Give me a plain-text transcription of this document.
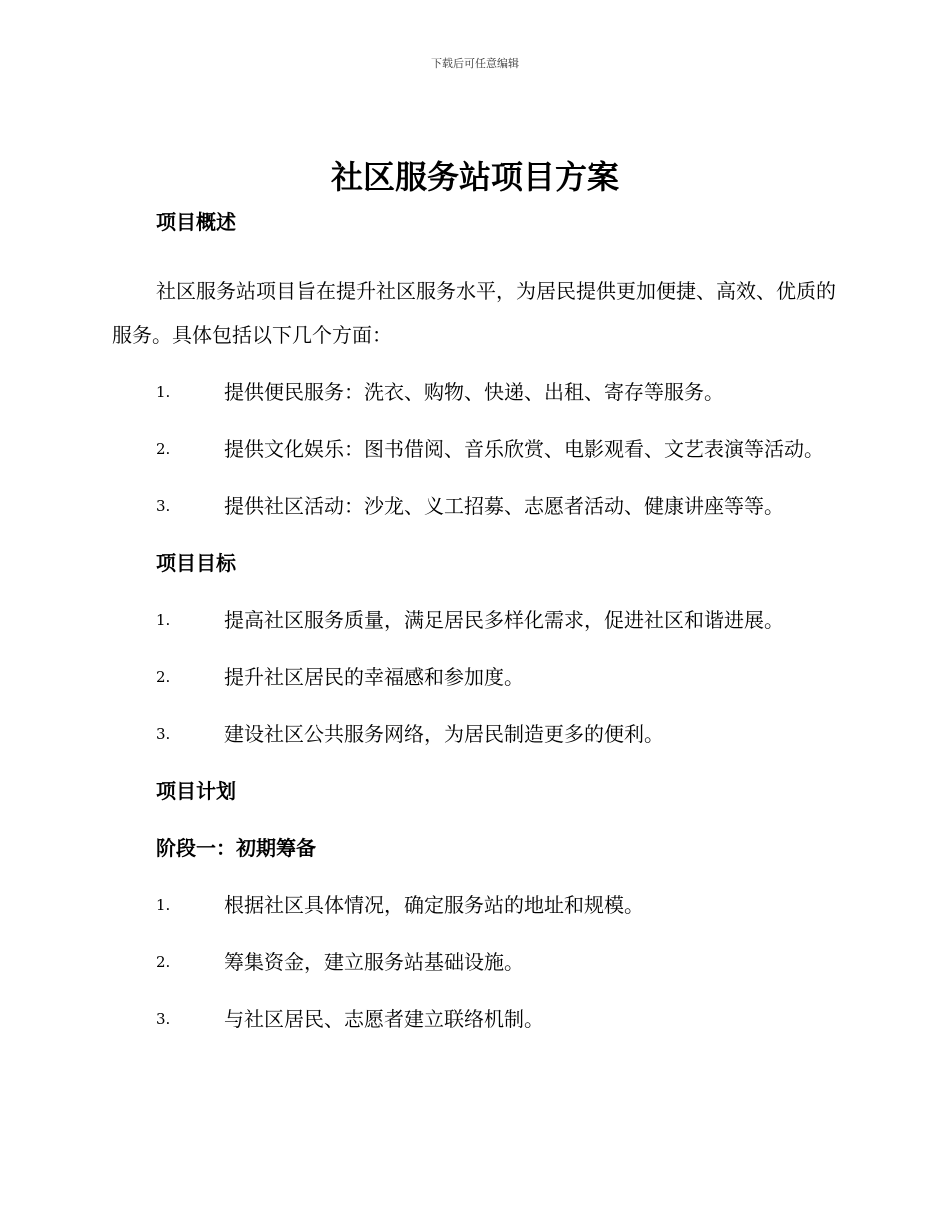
下载后可任意编辑
社区服务站项目方案
项目概述
社区服务站项目旨在提升社区服务水平，为居民提供更加便捷、高效、优质的服务。具体包括以下几个方面：
1.	提供便民服务：洗衣、购物、快递、出租、寄存等服务。
2.	提供文化娱乐：图书借阅、音乐欣赏、电影观看、文艺表演等活动。
3.	提供社区活动：沙龙、义工招募、志愿者活动、健康讲座等等。
项目目标
1.	提高社区服务质量，满足居民多样化需求，促进社区和谐进展。
2.	提升社区居民的幸福感和参加度。
3.	建设社区公共服务网络，为居民制造更多的便利。
项目计划
阶段一：初期筹备
1.	根据社区具体情况，确定服务站的地址和规模。
2.	筹集资金，建立服务站基础设施。
3.	与社区居民、志愿者建立联络机制。
